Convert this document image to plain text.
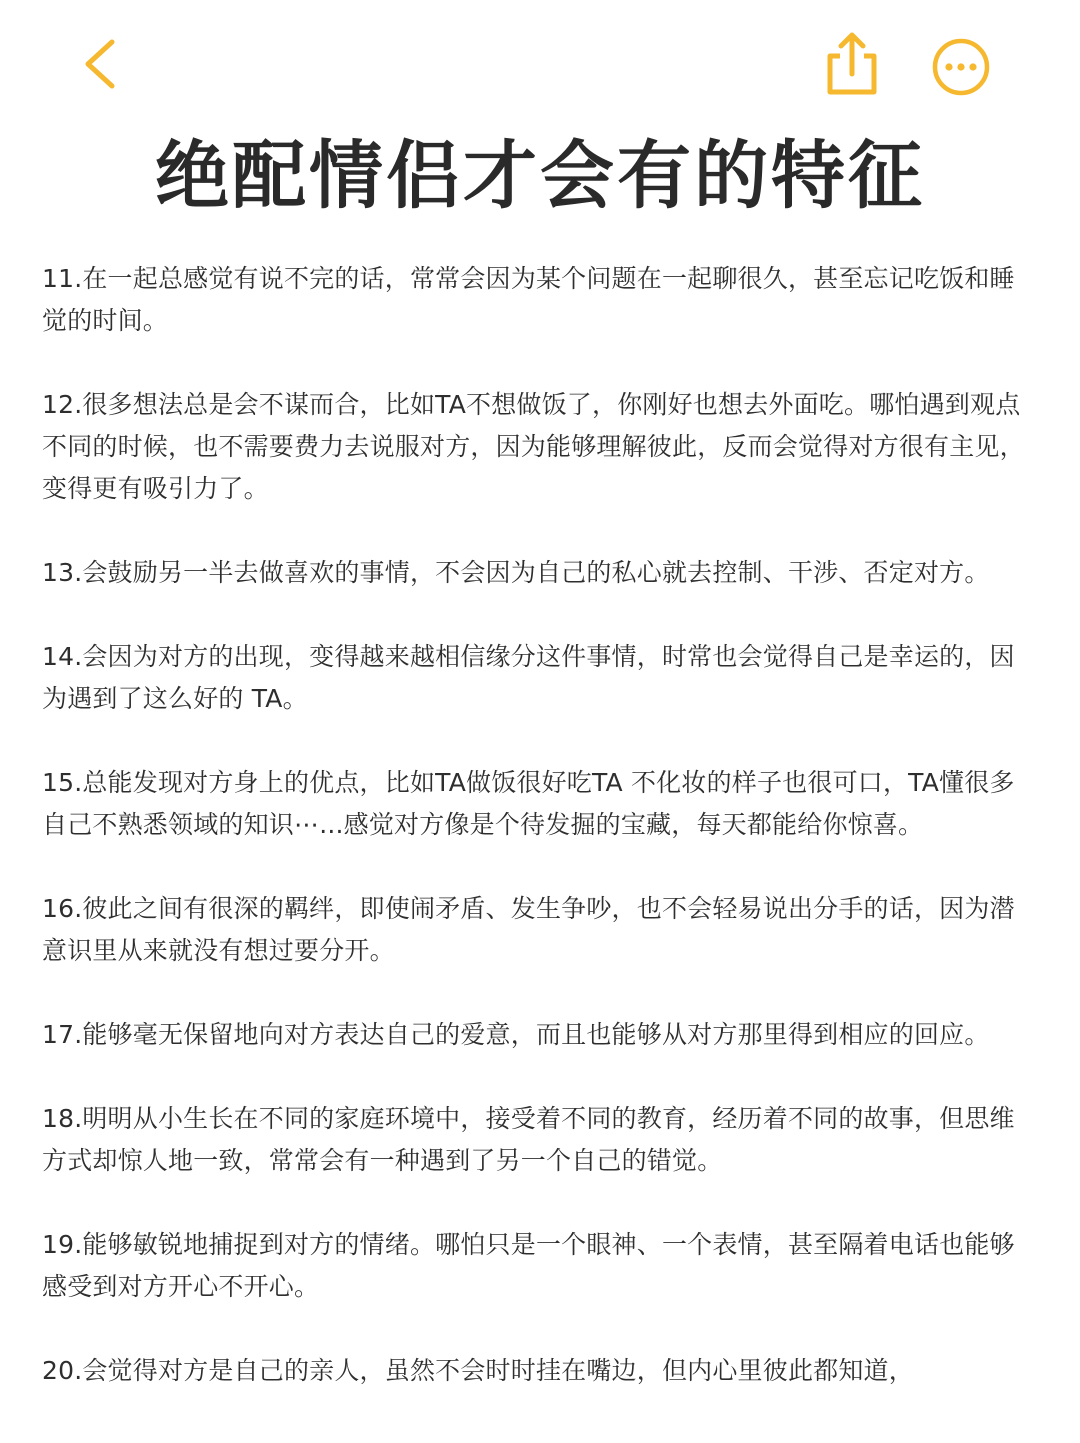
绝配情侣才会有的特征

11.在一起总感觉有说不完的话，常常会因为某个问题在一起聊很久，甚至忘记吃饭和睡觉的时间。

12.很多想法总是会不谋而合，比如TA不想做饭了，你刚好也想去外面吃。哪怕遇到观点不同的时候，也不需要费力去说服对方，因为能够理解彼此，反而会觉得对方很有主见，变得更有吸引力了。

13.会鼓励另一半去做喜欢的事情，不会因为自己的私心就去控制、干涉、否定对方。

14.会因为对方的出现，变得越来越相信缘分这件事情，时常也会觉得自己是幸运的，因为遇到了这么好的 TA。

15.总能发现对方身上的优点，比如TA做饭很好吃TA 不化妆的样子也很可口，TA懂很多自己不熟悉领域的知识⋯...感觉对方像是个待发掘的宝藏，每天都能给你惊喜。

16.彼此之间有很深的羁绊，即使闹矛盾、发生争吵，也不会轻易说出分手的话，因为潜意识里从来就没有想过要分开。

17.能够毫无保留地向对方表达自己的爱意，而且也能够从对方那里得到相应的回应。

18.明明从小生长在不同的家庭环境中，接受着不同的教育，经历着不同的故事，但思维方式却惊人地一致，常常会有一种遇到了另一个自己的错觉。

19.能够敏锐地捕捉到对方的情绪。哪怕只是一个眼神、一个表情，甚至隔着电话也能够感受到对方开心不开心。

20.会觉得对方是自己的亲人，虽然不会时时挂在嘴边，但内心里彼此都知道，
